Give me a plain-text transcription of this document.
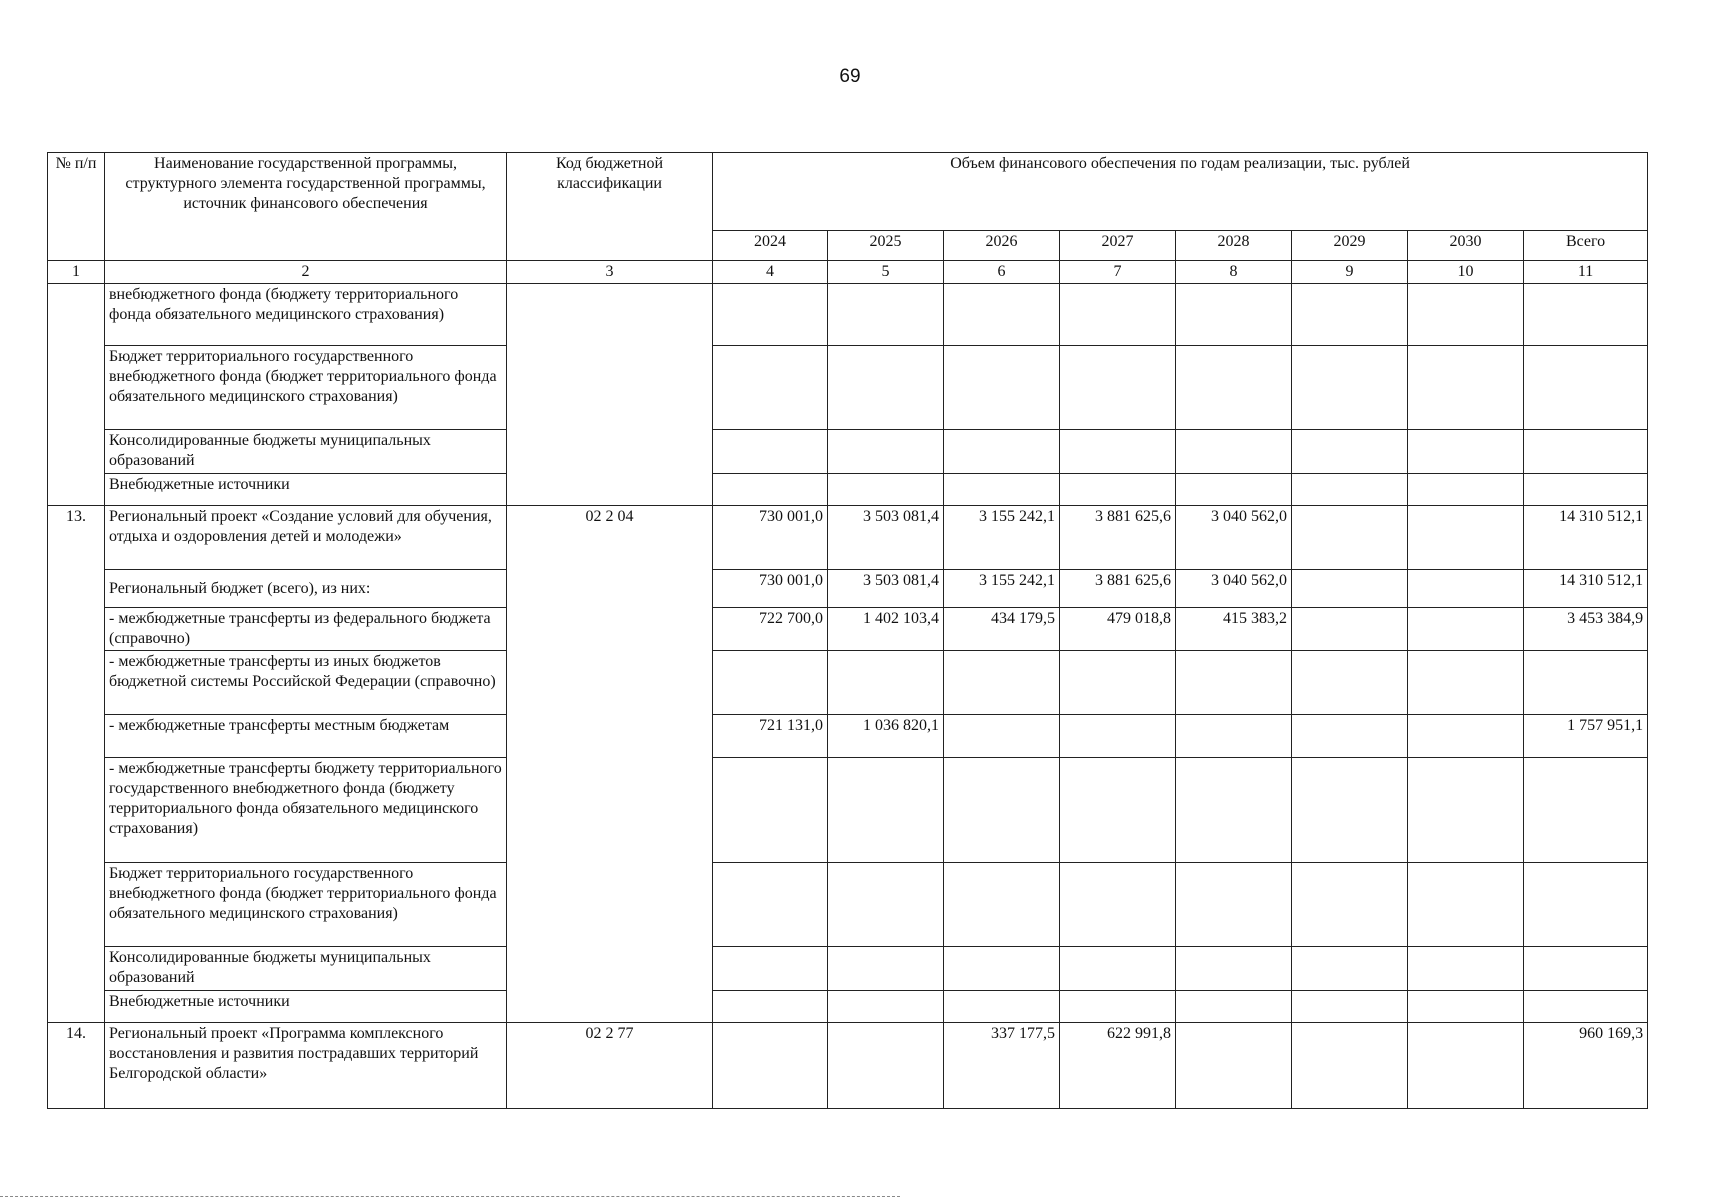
69
№ п/п	Наименование государственной программы, структурного элемента государственной программы, источник финансового обеспечения	Код бюджетной классификации	Объем финансового обеспечения по годам реализации, тыс. рублей							
			2024	2025	2026	2027	2028	2029	2030	Всего
1	2	3	4	5	6	7	8	9	10	11
	внебюджетного фонда (бюджету территориального фонда обязательного медицинского страхования)									
	Бюджет территориального государственного внебюджетного фонда (бюджет территориального фонда обязательного медицинского страхования)									
	Консолидированные бюджеты муниципальных образований									
	Внебюджетные источники									
13.	Региональный проект «Создание условий для обучения, отдыха и оздоровления детей и молодежи»	02 2 04	730 001,0	3 503 081,4	3 155 242,1	3 881 625,6	3 040 562,0			14 310 512,1
	Региональный бюджет (всего), из них:		730 001,0	3 503 081,4	3 155 242,1	3 881 625,6	3 040 562,0			14 310 512,1
	- межбюджетные трансферты из федерального бюджета (справочно)		722 700,0	1 402 103,4	434 179,5	479 018,8	415 383,2			3 453 384,9
	- межбюджетные трансферты из иных бюджетов бюджетной системы Российской Федерации (справочно)									
	- межбюджетные трансферты местным бюджетам		721 131,0	1 036 820,1						1 757 951,1
	- межбюджетные трансферты бюджету территориального государственного внебюджетного фонда (бюджету территориального фонда обязательного медицинского страхования)									
	Бюджет территориального государственного внебюджетного фонда (бюджет территориального фонда обязательного медицинского страхования)									
	Консолидированные бюджеты муниципальных образований									
	Внебюджетные источники									
14.	Региональный проект «Программа комплексного восстановления и развития пострадавших территорий Белгородской области»	02 2 77			337 177,5	622 991,8				960 169,3
